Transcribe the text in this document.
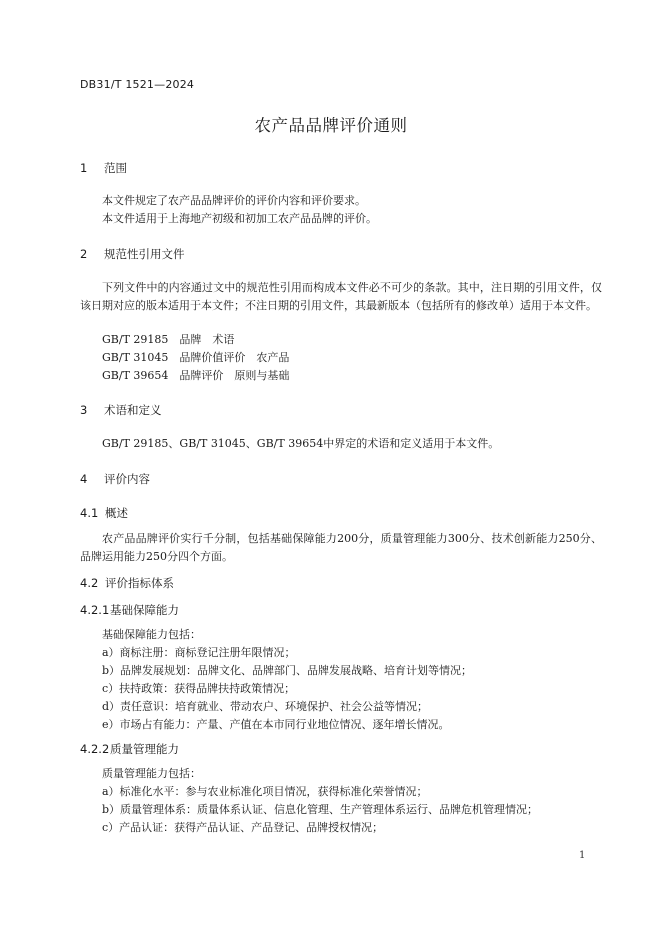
DB31/T 1521—2024
农产品品牌评价通则
1 范围
本文件规定了农产品品牌评价的评价内容和评价要求。
本文件适用于上海地产初级和初加工农产品品牌的评价。
2 规范性引用文件
下列文件中的内容通过文中的规范性引用而构成本文件必不可少的条款。其中，注日期的引用文件，仅该日期对应的版本适用于本文件；不注日期的引用文件，其最新版本（包括所有的修改单）适用于本文件。
GB/T 29185　品牌　术语
GB/T 31045　品牌价值评价　农产品
GB/T 39654　品牌评价　原则与基础
3 术语和定义
GB/T 29185、GB/T 31045、GB/T 39654中界定的术语和定义适用于本文件。
4 评价内容
4.1 概述
农产品品牌评价实行千分制，包括基础保障能力200分，质量管理能力300分、技术创新能力250分、品牌运用能力250分四个方面。
4.2 评价指标体系
4.2.1基础保障能力
基础保障能力包括：
a）商标注册：商标登记注册年限情况；
b）品牌发展规划：品牌文化、品牌部门、品牌发展战略、培育计划等情况；
c）扶持政策：获得品牌扶持政策情况；
d）责任意识：培育就业、带动农户、环境保护、社会公益等情况；
e）市场占有能力：产量、产值在本市同行业地位情况、逐年增长情况。
4.2.2质量管理能力
质量管理能力包括：
a）标准化水平：参与农业标准化项目情况，获得标准化荣誉情况；
b）质量管理体系：质量体系认证、信息化管理、生产管理体系运行、品牌危机管理情况；
c）产品认证：获得产品认证、产品登记、品牌授权情况；
1
